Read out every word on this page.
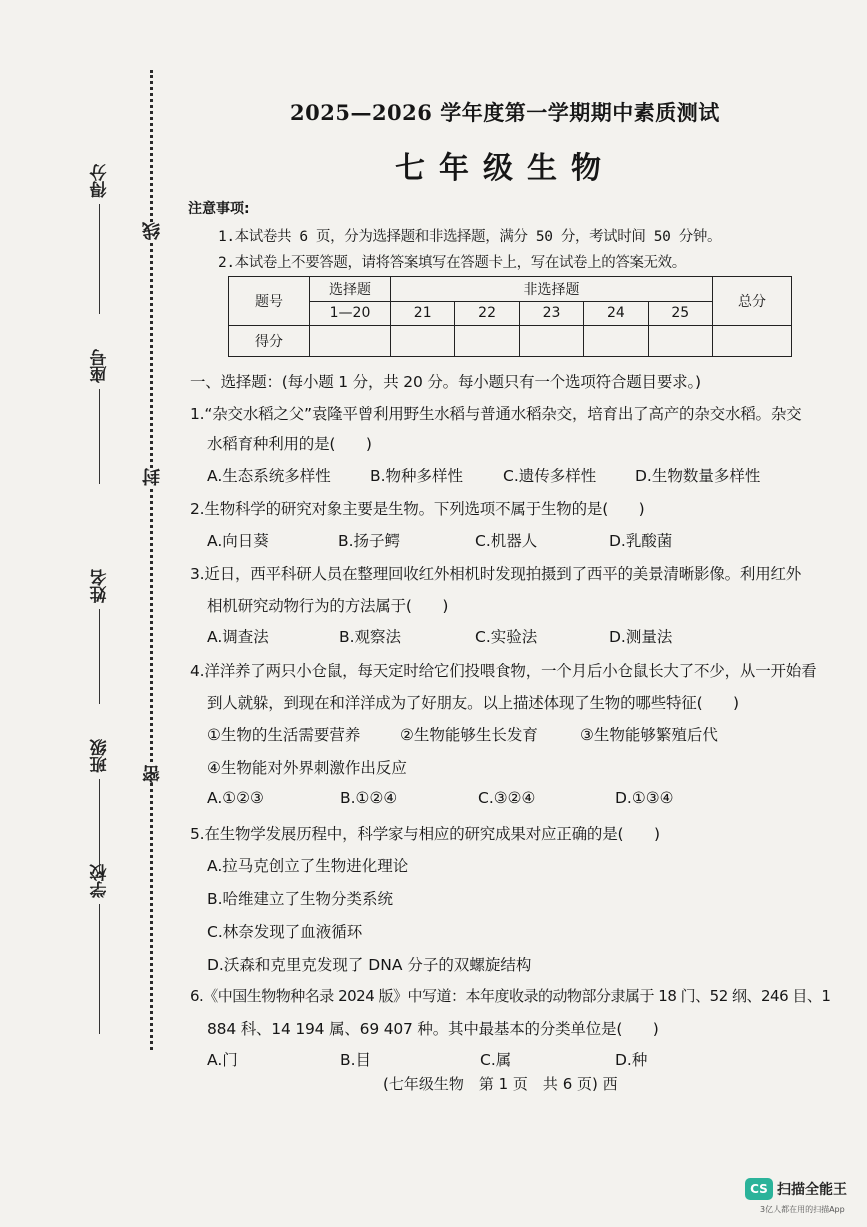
得分
座号
姓名
班级
学校
线
封
密
2025—2026 学年度第一学期期中素质测试
七年级生物
注意事项:
1.本试卷共 6 页，分为选择题和非选择题，满分 50 分，考试时间 50 分钟。
2.本试卷上不要答题，请将答案填写在答题卡上，写在试卷上的答案无效。
题号	选择题	非选择题					总分
	1—20	21	22	23	24	25	
得分							
一、选择题：(每小题 1 分，共 20 分。每小题只有一个选项符合题目要求。)
1.“杂交水稻之父”袁隆平曾利用野生水稻与普通水稻杂交，培育出了高产的杂交水稻。杂交
水稻育种利用的是(　　)
A.生态系统多样性	B.物种多样性	C.遗传多样性 D.生物数量多样性
2.生物科学的研究对象主要是生物。下列选项不属于生物的是(　　)
A.向日葵	B.扬子鳄	C.机器人	D.乳酸菌
3.近日，西平科研人员在整理回收红外相机时发现拍摄到了西平的美景清晰影像。利用红外
相机研究动物行为的方法属于(　　)
A.调查法	B.观察法	C.实验法	D.测量法
4.洋洋养了两只小仓鼠，每天定时给它们投喂食物，一个月后小仓鼠长大了不少，从一开始看
到人就躲，到现在和洋洋成为了好朋友。以上描述体现了生物的哪些特征(　　)
①生物的生活需要营养	②生物能够生长发育	③生物能够繁殖后代
④生物能对外界刺激作出反应
A.①②③	B.①②④	C.③②④	D.①③④
5.在生物学发展历程中，科学家与相应的研究成果对应正确的是(　　)
A.拉马克创立了生物进化理论
B.哈维建立了生物分类系统
C.林奈发现了血液循环
D.沃森和克里克发现了 DNA 分子的双螺旋结构
6.《中国生物物种名录 2024 版》中写道：本年度收录的动物部分隶属于 18 门、52 纲、246 目、1
884 科、14 194 属、69 407 种。其中最基本的分类单位是(　　)
A.门	B.目	C.属	D.种
(七年级生物　第 1 页　共 6 页) 西
CS 扫描全能王
3亿人都在用的扫描App
